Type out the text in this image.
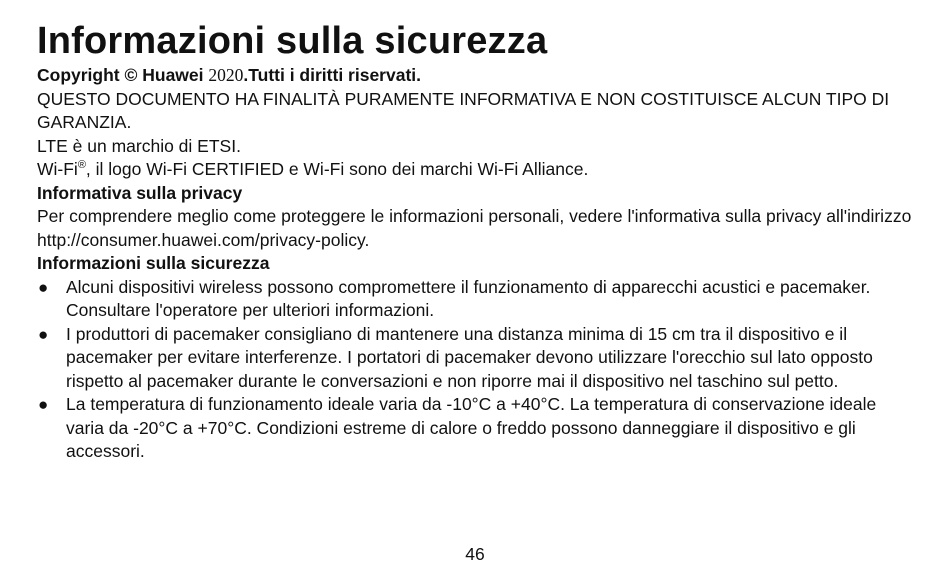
Informazioni sulla sicurezza

Copyright © Huawei 2020.Tutti i diritti riservati.

QUESTO DOCUMENTO HA FINALITÀ PURAMENTE INFORMATIVA E NON COSTITUISCE ALCUN TIPO DI GARANZIA.

LTE è un marchio di ETSI.

Wi-Fi®, il logo Wi-Fi CERTIFIED e Wi-Fi sono dei marchi Wi-Fi Alliance.

Informativa sulla privacy

Per comprendere meglio come proteggere le informazioni personali, vedere l'informativa sulla privacy all'indirizzo http://consumer.huawei.com/privacy-policy.

Informazioni sulla sicurezza

● Alcuni dispositivi wireless possono compromettere il funzionamento di apparecchi acustici e pacemaker. Consultare l'operatore per ulteriori informazioni.
● I produttori di pacemaker consigliano di mantenere una distanza minima di 15 cm tra il dispositivo e il pacemaker per evitare interferenze. I portatori di pacemaker devono utilizzare l'orecchio sul lato opposto rispetto al pacemaker durante le conversazioni e non riporre mai il dispositivo nel taschino sul petto.
● La temperatura di funzionamento ideale varia da -10°C a +40°C. La temperatura di conservazione ideale varia da -20°C a +70°C. Condizioni estreme di calore o freddo possono danneggiare il dispositivo e gli accessori.
46
